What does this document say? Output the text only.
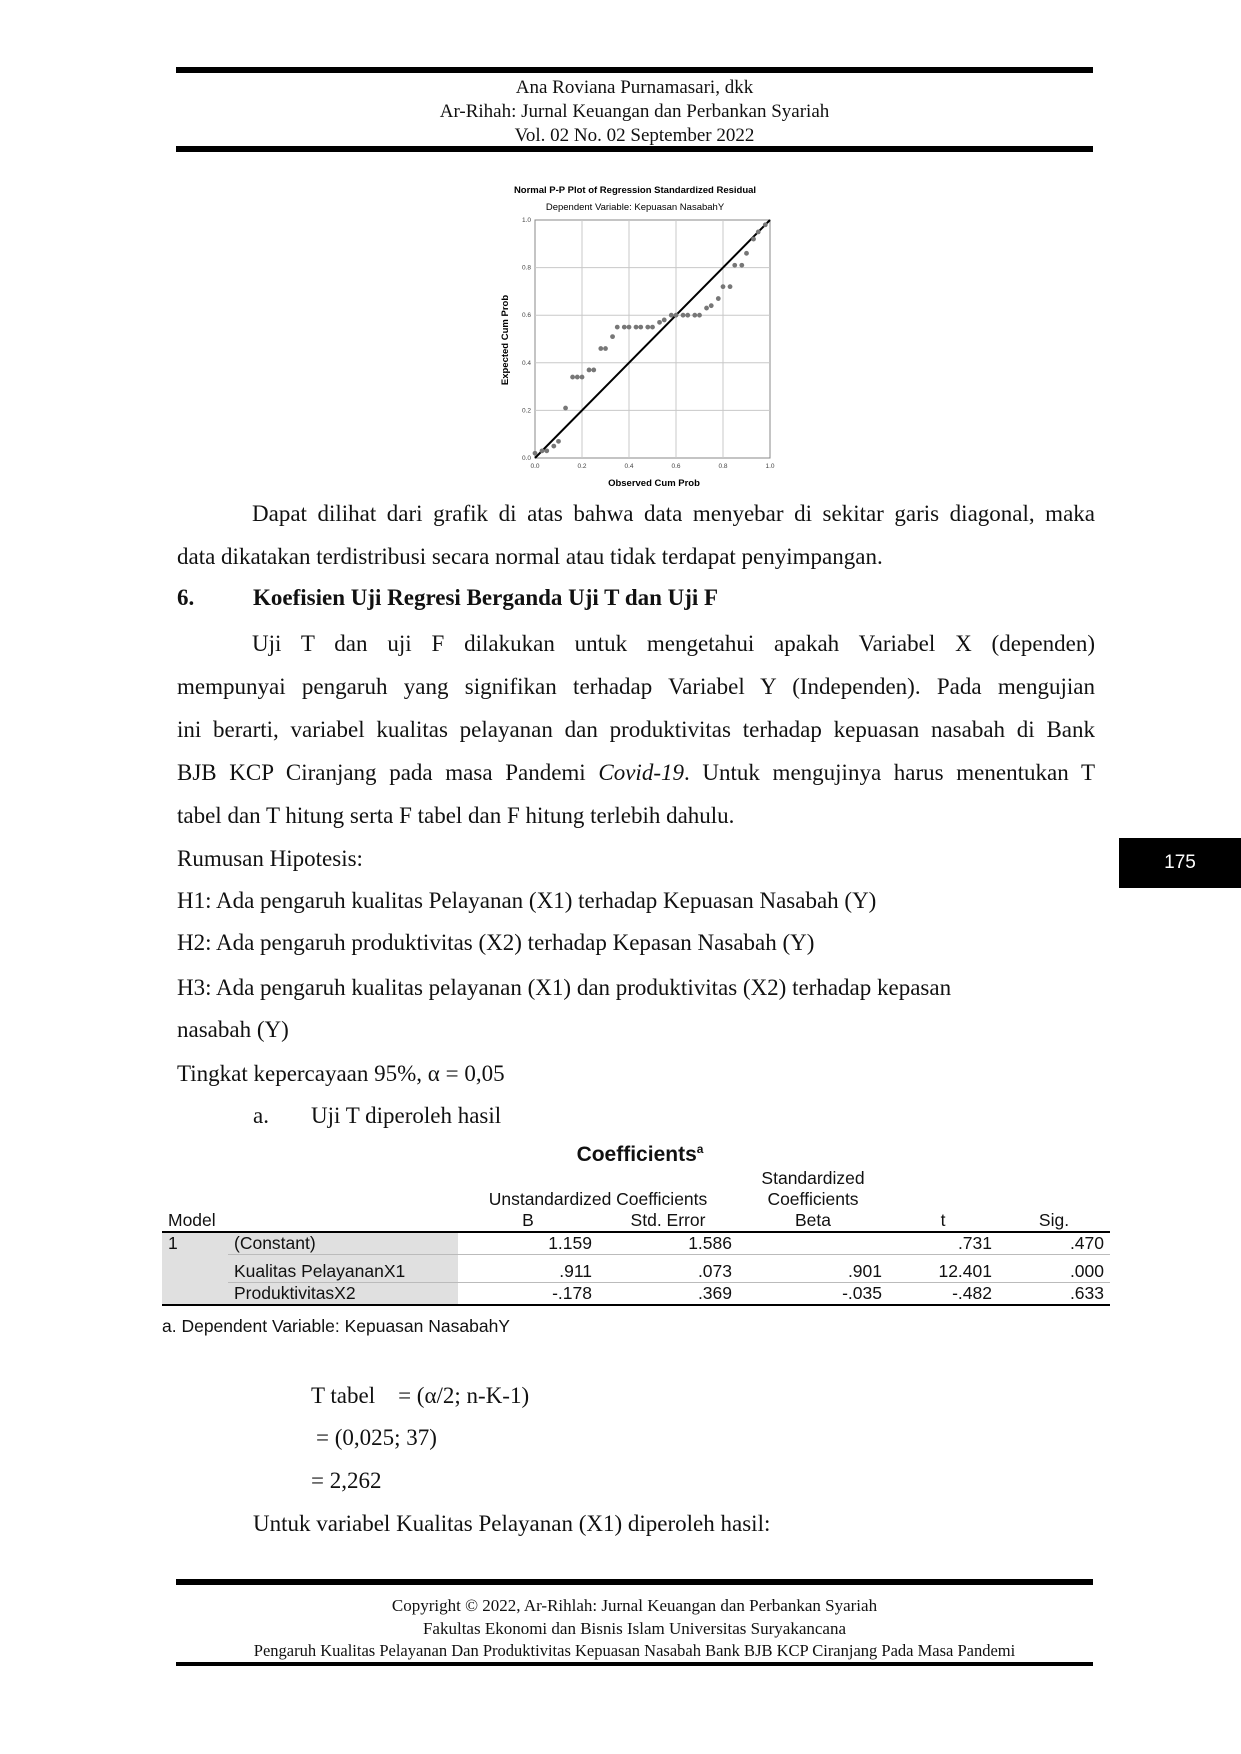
Ana Roviana Purnamasari, dkk
Ar-Rihah: Jurnal Keuangan dan Perbankan Syariah
Vol. 02 No. 02 September 2022
175
Normal P-P Plot of Regression Standardized Residual
Dependent Variable: Kepuasan NasabahY
0.0	0.2	0.4	0.6	0.8	1.0
0.0
0.2
0.4
0.6
0.8
1.0
Observed Cum Prob
Expected Cum Prob
Dapat dilihat dari grafik di atas bahwa data menyebar di sekitar garis diagonal, maka
data dikatakan terdistribusi secara normal atau tidak terdapat penyimpangan.
6.	Koefisien Uji Regresi Berganda Uji T dan Uji F
Uji T dan uji F dilakukan untuk mengetahui apakah Variabel X (dependen)
mempunyai pengaruh yang signifikan terhadap Variabel Y (Independen). Pada mengujian
ini berarti, variabel kualitas pelayanan dan produktivitas terhadap kepuasan nasabah di Bank
BJB KCP Ciranjang pada masa Pandemi Covid-19. Untuk mengujinya harus menentukan T
tabel dan T hitung serta F tabel dan F hitung terlebih dahulu.
Rumusan Hipotesis:
H1: Ada pengaruh kualitas Pelayanan (X1) terhadap Kepuasan Nasabah (Y)
H2: Ada pengaruh produktivitas (X2) terhadap Kepasan Nasabah (Y)
H3: Ada pengaruh kualitas pelayanan (X1) dan produktivitas (X2) terhadap kepasan
nasabah (Y)
Tingkat kepercayaan 95%, α = 0,05
a. Uji T diperoleh hasil
Coefficients$^a$
				Standardized		
		Unstandardized Coefficients		Coefficients		
Model		B	Std. Error	Beta	t	Sig.
1	(Constant)	1.159	1.586		.731	.470
	Kualitas PelayananX1	.911	.073	.901	12.401	.000
	ProduktivitasX2	-.178	.369	-.035	-.482	.633
a. Dependent Variable: Kepuasan NasabahY
T tabel    = (α/2; n-K-1)
= (0,025; 37)
= 2,262
Untuk variabel Kualitas Pelayanan (X1) diperoleh hasil:
Copyright © 2022, Ar-Rihlah: Jurnal Keuangan dan Perbankan Syariah
Fakultas Ekonomi dan Bisnis Islam Universitas Suryakancana
Pengaruh Kualitas Pelayanan Dan Produktivitas Kepuasan Nasabah Bank BJB KCP Ciranjang Pada Masa Pandemi
